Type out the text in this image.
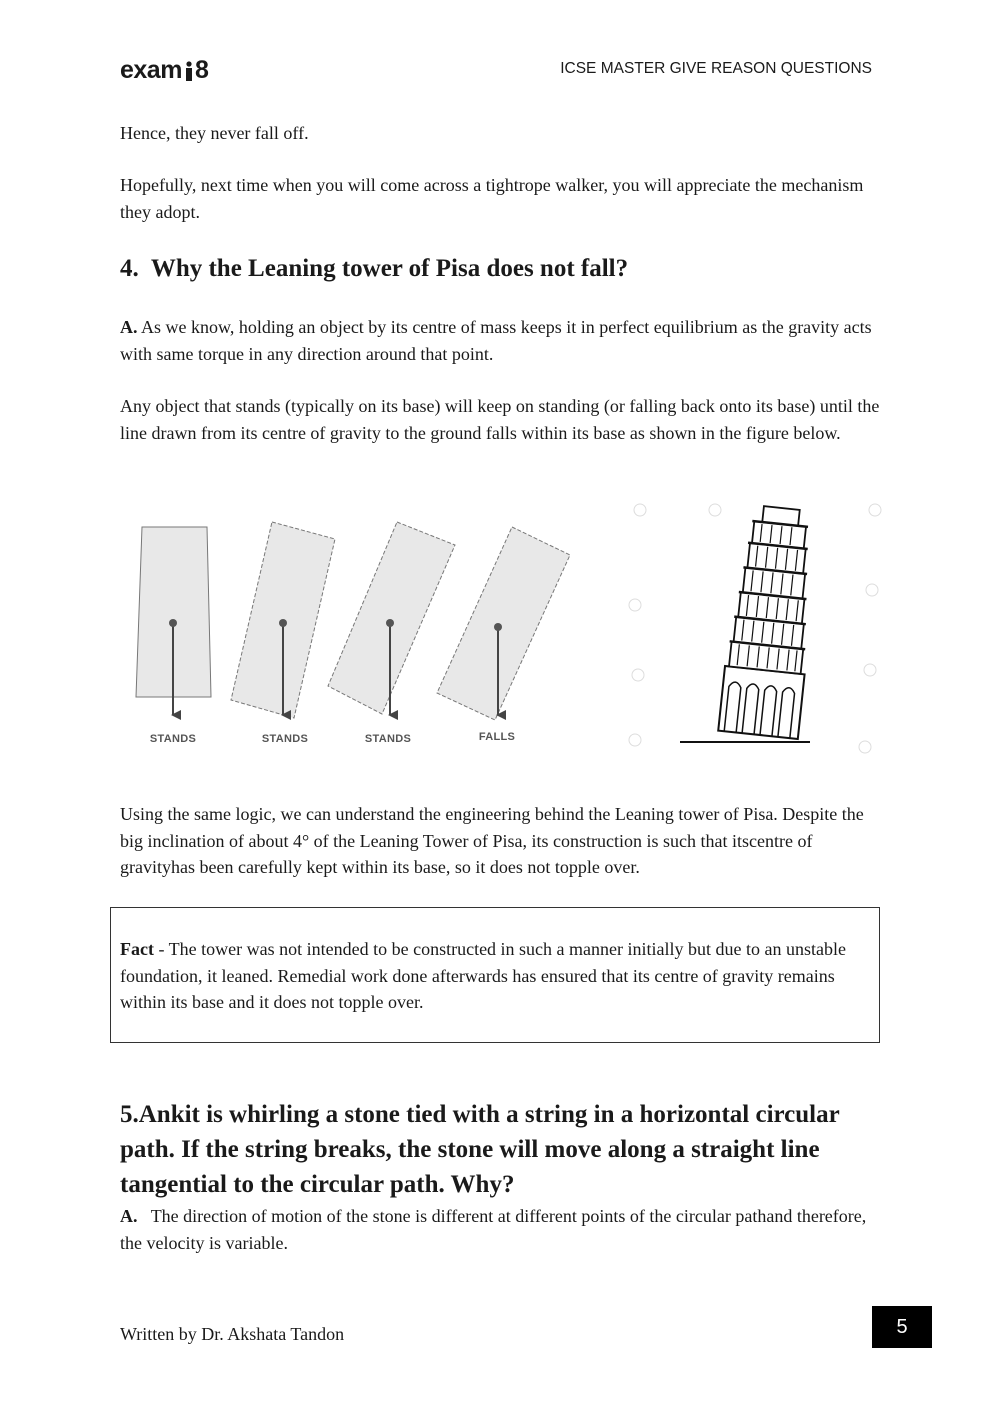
exam 8	ICSE MASTER GIVE REASON QUESTIONS

Hence, they never fall off.

Hopefully, next time when you will come across a tightrope walker, you will appreciate the mechanism they adopt.

4. Why the Leaning tower of Pisa does not fall?

A. As we know, holding an object by its centre of mass keeps it in perfect equilibrium as the gravity acts with same torque in any direction around that point.

Any object that stands (typically on its base) will keep on standing (or falling back onto its base) until the line drawn from its centre of gravity to the ground falls within its base as shown in the figure below.

STANDS	STANDS	STANDS	FALLS

Using the same logic, we can understand the engineering behind the Leaning tower of Pisa. Despite the big inclination of about 4° of the Leaning Tower of Pisa, its construction is such that itscentre of gravityhas been carefully kept within its base, so it does not topple over.

Fact - The tower was not intended to be constructed in such a manner initially but due to an unstable foundation, it leaned. Remedial work done afterwards has ensured that its centre of gravity remains within its base and it does not topple over.

5.Ankit is whirling a stone tied with a string in a horizontal circular path. If the string breaks, the stone will move along a straight line tangential to the circular path. Why?

A. The direction of motion of the stone is different at different points of the circular pathand therefore, the velocity is variable.

Written by Dr. Akshata Tandon	5
